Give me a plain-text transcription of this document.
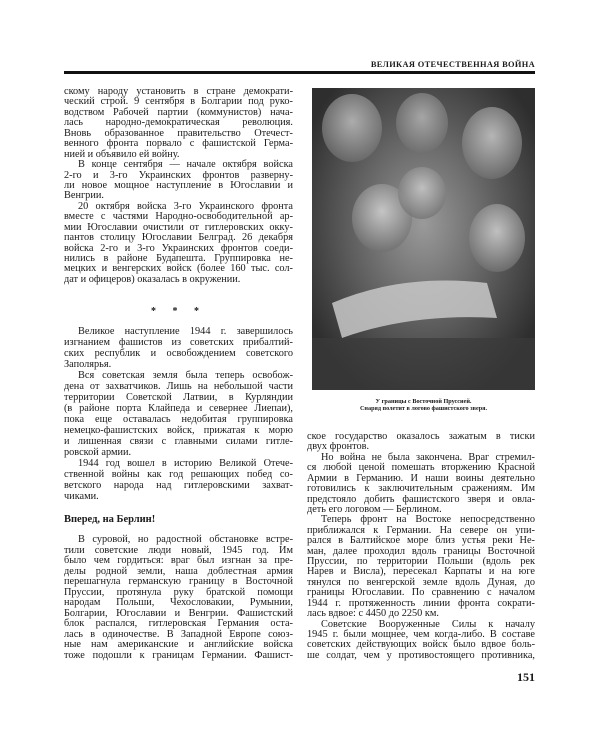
ВЕЛИКАЯ ОТЕЧЕСТВЕННАЯ ВОЙНА
скому народу установить в стране демократи-
ческий строй. 9 сентября в Болгарии под руко-
водством Рабочей партии (коммунистов) нача-
лась народно-демократическая революция.
Вновь образованное правительство Отечест-
венного фронта порвало с фашистской Герма-
нией и объявило ей войну.
В конце сентября — начале октября войска
2-го и 3-го Украинских фронтов разверну-
ли новое мощное наступление в Югославии и
Венгрии.
20 октября войска 3-го Украинского фронта
вместе с частями Народно-освободительной ар-
мии Югославии очистили от гитлеровских окку-
пантов столицу Югославии Белград. 26 декабря
войска 2-го и 3-го Украинских фронтов соеди-
нились в районе Будапешта. Группировка не-
мецких и венгерских войск (более 160 тыс. сол-
дат и офицеров) оказалась в окружении.
* * *
Великое наступление 1944 г. завершилось
изгнанием фашистов из советских прибалтий-
ских республик и освобождением советского
Заполярья.
Вся советская земля была теперь освобож-
дена от захватчиков. Лишь на небольшой части
территории Советской Латвии, в Курляндии
(в районе порта Клайпеда и севернее Лиепаи),
пока еще оставалась недобитая группировка
немецко-фашистских войск, прижатая к морю
и лишенная связи с главными силами гитле-
ровской армии.
1944 год вошел в историю Великой Отече-
ственной войны как год решающих побед со-
ветского народа над гитлеровскими захват-
чиками.
Вперед, на Берлин!
В суровой, но радостной обстановке встре-
тили советские люди новый, 1945 год. Им
было чем гордиться: враг был изгнан за пре-
делы родной земли, наша доблестная армия
перешагнула германскую границу в Восточной
Пруссии, протянула руку братской помощи
народам Польши, Чехословакии, Румынии,
Болгарии, Югославии и Венгрии. Фашистский
блок распался, гитлеровская Германия оста-
лась в одиночестве. В Западной Европе союз-
ные нам американские и английские войска
тоже подошли к границам Германии. Фашист-
У границы с Восточной Пруссией.
Снаряд полетит в логово фашистского зверя.
ское государство оказалось зажатым в тиски
двух фронтов.
Но война не была закончена. Враг стремил-
ся любой ценой помешать вторжению Красной
Армии в Германию. И наши воины деятельно
готовились к заключительным сражениям. Им
предстояло добить фашистского зверя и овла-
деть его логовом — Берлином.
Теперь фронт на Востоке непосредственно
приближался к Германии. На севере он упи-
рался в Балтийское море близ устья реки Не-
ман, далее проходил вдоль границы Восточной
Пруссии, по территории Польши (вдоль рек
Нарев и Висла), пересекал Карпаты и на юге
тянулся по венгерской земле вдоль Дуная, до
границы Югославии. По сравнению с началом
1944 г. протяженность линии фронта сократи-
лась вдвое: с 4450 до 2250 км.
Советские Вооруженные Силы к началу
1945 г. были мощнее, чем когда-либо. В составе
советских действующих войск было вдвое боль-
ше солдат, чем у противостоящего противника,
151
